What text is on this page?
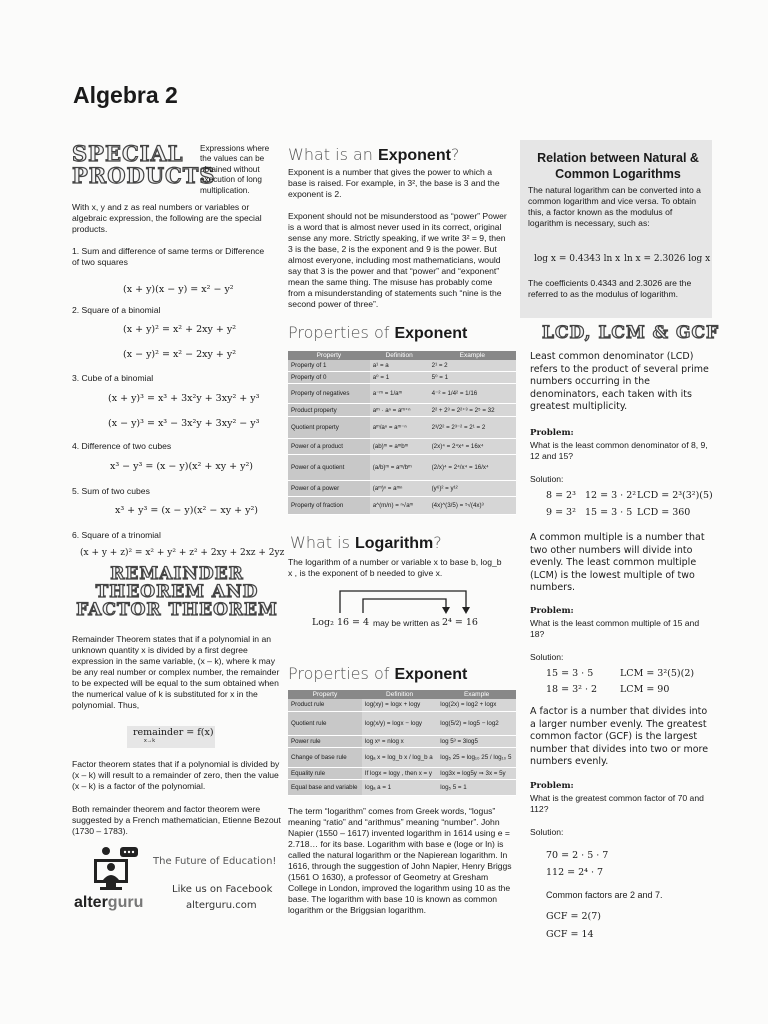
Algebra 2
SPECIAL
PRODUCTS
Expressions where the values can be obtained without execution of long multiplication.
With x, y and z as real numbers or variables or algebraic expression, the following are the special products.
1. Sum and difference of same terms or Difference of two squares
(x + y)(x − y) = x² − y²
2. Square of a binomial
(x + y)² = x² + 2xy + y²
(x − y)² = x² − 2xy + y²
3. Cube of a binomial
(x + y)³ = x³ + 3x²y + 3xy² + y³
(x − y)³ = x³ − 3x²y + 3xy² − y³
4. Difference of two cubes
x³ − y³ = (x − y)(x² + xy + y²)
5. Sum of two cubes
x³ + y³ = (x − y)(x² − xy + y²)
6. Square of a trinomial
(x + y + z)² = x² + y² + z² + 2xy + 2xz + 2yz
REMAINDER
THEOREM AND
FACTOR THEOREM
Remainder Theorem states that if a polynomial in an unknown quantity x is divided by a first degree expression in the same variable, (x – k), where k may be any real number or complex number, the remainder to be expected will be equal to the sum obtained when the numerical value of k is substituted for x in the polynomial. Thus,
remainder = f(x)
x→k
Factor theorem states that if a polynomial is divided by (x – k) will result to a remainder of zero, then the value (x – k) is a factor of the polynomial.
Both remainder theorem and factor theorem were suggested by a French mathematician, Etienne Bezout (1730 – 1783).
alterguru
The Future of Education!
Like us on Facebook
alterguru.com
What is an Exponent?
Exponent is a number that gives the power to which a base is raised. For example, in 3², the base is 3 and the exponent is 2.
Exponent should not be misunderstood as “power” Power is a word that is almost never used in its correct, original sense any more. Strictly speaking, if we write 3² = 9, then 3 is the base, 2 is the exponent and 9 is the power. But almost everyone, including most mathematicians, would say that 3 is the power and that “power” and “exponent” mean the same thing. The misuse has probably come from a misunderstanding of statements such “nine is the second power of three”.
Properties of Exponent
Property	Definition	Example
Property of 1	a¹ = a	2¹ = 2
Property of 0	a⁰ = 1	5⁰ = 1
Property of negatives	a⁻ᵐ = 1/aᵐ	4⁻² = 1/4² = 1/16
Product property	aᵐ · aⁿ = aᵐ⁺ⁿ	2² + 2³ = 2²⁺³ = 2⁵ = 32
Quotient property	aᵐ/aⁿ = aᵐ⁻ⁿ	2³/2² = 2³⁻² = 2¹ = 2
Power of a product	(ab)ᵐ = aᵐbᵐ	(2x)⁴ = 2⁴x⁴ = 16x⁴
Power of a quotient	(a/b)ᵐ = aᵐ/bᵐ	(2/x)⁴ = 2⁴/x⁴ = 16/x⁴
Power of a power	(aᵐ)ⁿ = aᵐⁿ	(y⁶)² = y¹²
Property of fraction	a^(m/n) = ⁿ√aᵐ	(4x)^(3/5) = ⁵√(4x)³
What is Logarithm?
The logarithm of a number or variable x to base b, log_b x , is the exponent of b needed to give x.
Log₂ 16 = 4 may be written as 2⁴ = 16
Properties of Exponent
Property	Definition	Example
Product rule	log(xy) = logx + logy	log(2x) = log2 + logx
Quotient rule	log(x/y) = logx − logy	log(5/2) = log5 − log2
Power rule	log xⁿ = nlog x	log 5³ = 3log5
Change of base rule	logₐ x = log_b x / log_b a	log₅ 25 = log₁₀ 25 / log₁₀ 5
Equality rule	If logx = logy , then x = y	log3x = log5y ⇒ 3x = 5y
Equal base and variable	logₐ a = 1	log₅ 5 = 1
The term “logarithm” comes from Greek words, “logus” meaning “ratio” and “arithmus” meaning “number”. John Napier (1550 – 1617) invented logarithm in 1614 using e = 2.718… for its base. Logarithm with base e (loge or ln) is called the natural logarithm or the Napierean logarithm. In 1616, through the suggestion of John Napier, Henry Briggs (1561 O 1630), a professor of Geometry at Gresham College in London, improved the logarithm using 10 as the base. The logarithm with base 10 is known as common logarithm or the Briggsian logarithm.
Relation between Natural & Common Logarithms
The natural logarithm can be converted into a common logarithm and vice versa. To obtain this, a factor known as the modulus of logarithm is necessary, such as:
log x = 0.4343 ln x ln x = 2.3026 log x
The coefficients 0.4343 and 2.3026 are the referred to as the modulus of logarithm.
LCD, LCM & GCF
Least common denominator (LCD) refers to the product of several prime numbers occurring in the denominators, each taken with its greatest multiplicity.
Problem:
What is the least common denominator of 8, 9, 12 and 15?
Solution:
8 = 2³ 12 = 3 · 2² LCD = 2³(3²)(5)
9 = 3² 15 = 3 · 5 LCD = 360
A common multiple is a number that two other numbers will divide into evenly. The least common multiple (LCM) is the lowest multiple of two numbers.
Problem:
What is the least common multiple of 15 and 18?
Solution:
15 = 3 · 5	LCM = 3²(5)(2)
18 = 3² · 2 LCM = 90
A factor is a number that divides into a larger number evenly. The greatest common factor (GCF) is the largest number that divides into two or more numbers evenly.
Problem:
What is the greatest common factor of 70 and 112?
Solution:
70 = 2 · 5 · 7
112 = 2⁴ · 7
Common factors are 2 and 7.
GCF = 2(7)
GCF = 14
